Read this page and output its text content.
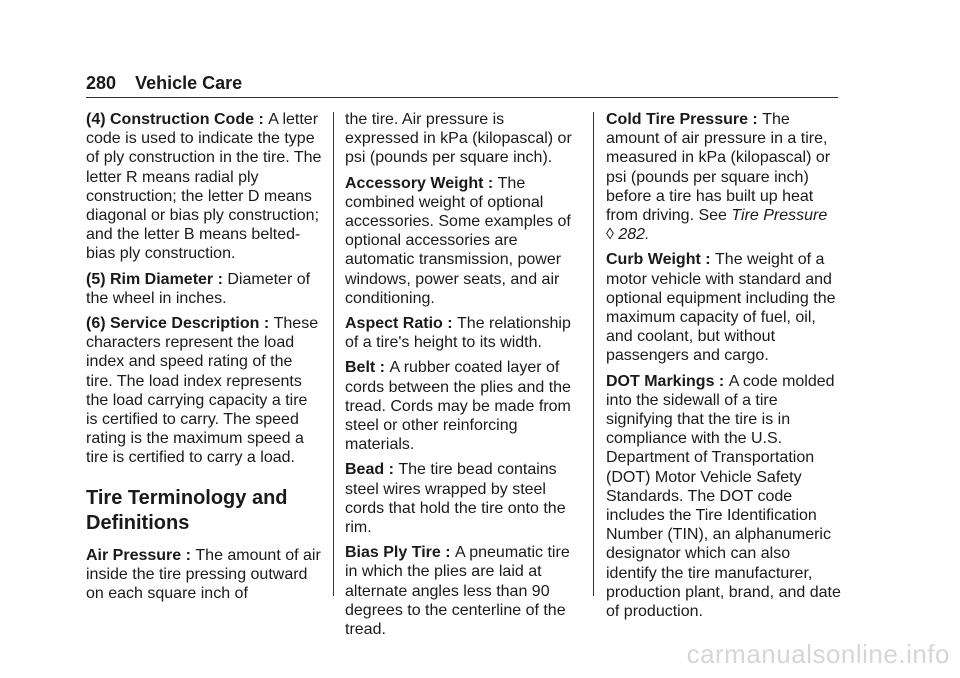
280 Vehicle Care

(4) Construction Code : A letter code is used to indicate the type of ply construction in the tire. The letter R means radial ply construction; the letter D means diagonal or bias ply construction; and the letter B means belted-bias ply construction.

(5) Rim Diameter : Diameter of the wheel in inches.

(6) Service Description : These characters represent the load index and speed rating of the tire. The load index represents the load carrying capacity a tire is certified to carry. The speed rating is the maximum speed a tire is certified to carry a load.

Tire Terminology and Definitions

Air Pressure : The amount of air inside the tire pressing outward on each square inch of

the tire. Air pressure is expressed in kPa (kilopascal) or psi (pounds per square inch).

Accessory Weight : The combined weight of optional accessories. Some examples of optional accessories are automatic transmission, power windows, power seats, and air conditioning.

Aspect Ratio : The relationship of a tire's height to its width.

Belt : A rubber coated layer of cords between the plies and the tread. Cords may be made from steel or other reinforcing materials.

Bead : The tire bead contains steel wires wrapped by steel cords that hold the tire onto the rim.

Bias Ply Tire : A pneumatic tire in which the plies are laid at alternate angles less than 90 degrees to the centerline of the tread.

Cold Tire Pressure : The amount of air pressure in a tire, measured in kPa (kilopascal) or psi (pounds per square inch) before a tire has built up heat from driving. See Tire Pressure
◊ 282.

Curb Weight : The weight of a motor vehicle with standard and optional equipment including the maximum capacity of fuel, oil, and coolant, but without passengers and cargo.

DOT Markings : A code molded into the sidewall of a tire signifying that the tire is in compliance with the U.S. Department of Transportation (DOT) Motor Vehicle Safety Standards. The DOT code includes the Tire Identification Number (TIN), an alphanumeric designator which can also identify the tire manufacturer, production plant, brand, and date of production.

carmanualsonline.info
